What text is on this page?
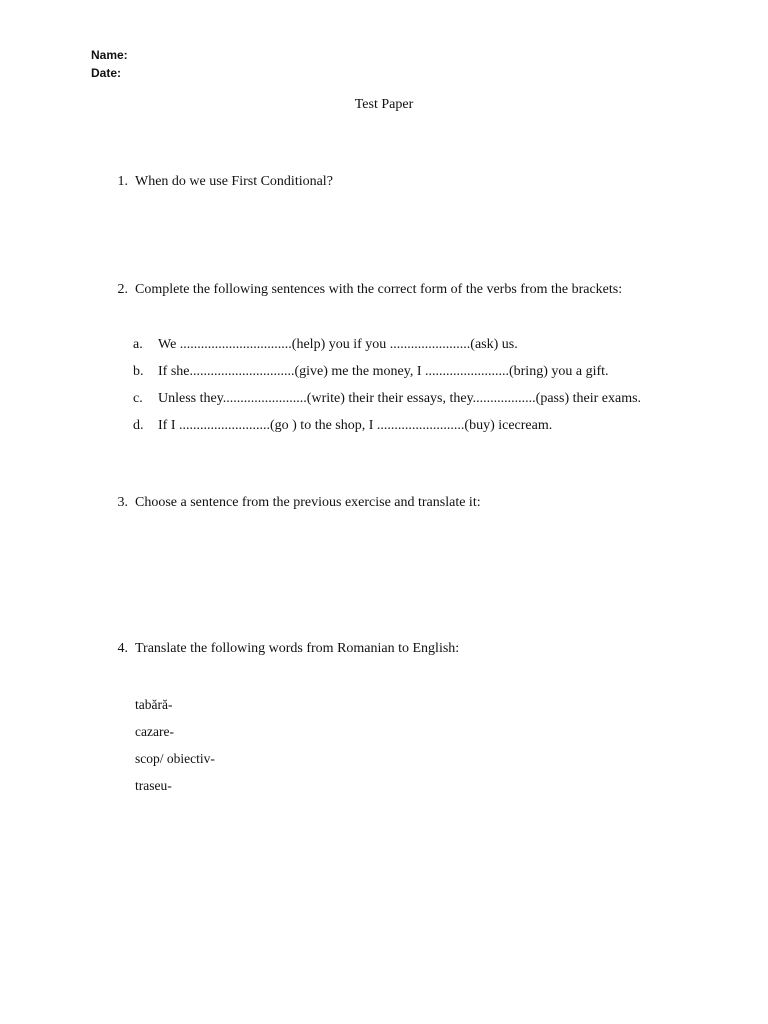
Name:
Date:
Test Paper
1. When do we use First Conditional?
2. Complete the following sentences with the correct form of the verbs from the brackets:
a. We ................................(help) you if you .......................(ask) us.
b. If she..............................(give) me the money, I ........................(bring) you a gift.
c. Unless they........................(write) their their essays, they..................(pass) their exams.
d. If I ..........................(go ) to the shop, I .........................(buy) icecream.
3. Choose a sentence from the previous exercise and translate it:
4. Translate the following words from Romanian to English:
tabără-
cazare-
scop/ obiectiv-
traseu-
